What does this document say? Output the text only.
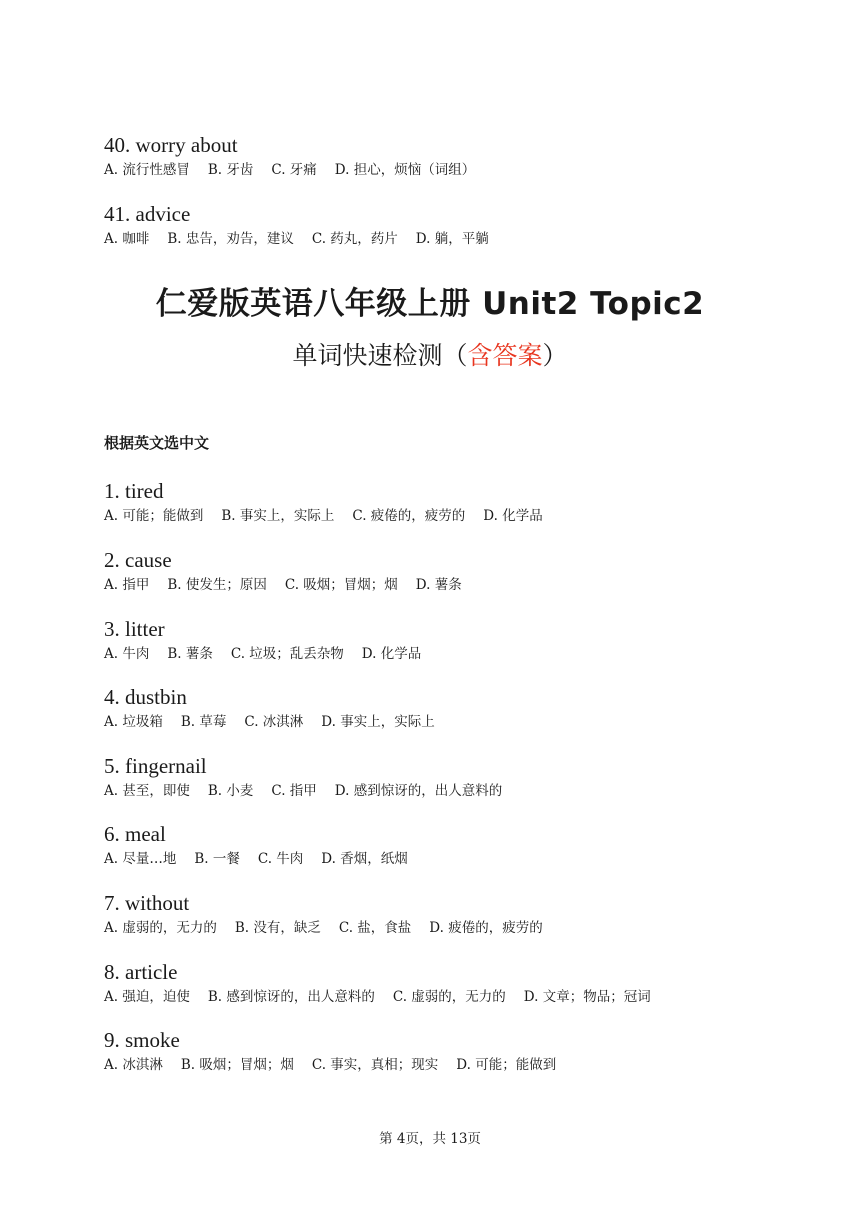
40. worry about
A. 流行性感冒 B. 牙齿 C. 牙痛 D. 担心，烦恼（词组）
41. advice
A. 咖啡 B. 忠告，劝告，建议 C. 药丸，药片 D. 躺，平躺
仁爱版英语八年级上册 Unit2 Topic2
单词快速检测（含答案）
根据英文选中文
1. tired
A. 可能；能做到 B. 事实上，实际上 C. 疲倦的，疲劳的 D. 化学品
2. cause
A. 指甲 B. 使发生；原因 C. 吸烟；冒烟；烟 D. 薯条
3. litter
A. 牛肉 B. 薯条 C. 垃圾；乱丢杂物 D. 化学品
4. dustbin
A. 垃圾箱 B. 草莓 C. 冰淇淋 D. 事实上，实际上
5. fingernail
A. 甚至，即使 B. 小麦 C. 指甲 D. 感到惊讶的，出人意料的
6. meal
A. 尽量…地 B. 一餐 C. 牛肉 D. 香烟，纸烟
7. without
A. 虚弱的，无力的 B. 没有，缺乏 C. 盐，食盐 D. 疲倦的，疲劳的
8. article
A. 强迫，迫使 B. 感到惊讶的，出人意料的 C. 虚弱的，无力的 D. 文章；物品；冠词
9. smoke
A. 冰淇淋 B. 吸烟；冒烟；烟 C. 事实，真相；现实 D. 可能；能做到
第 4页，共 13页
